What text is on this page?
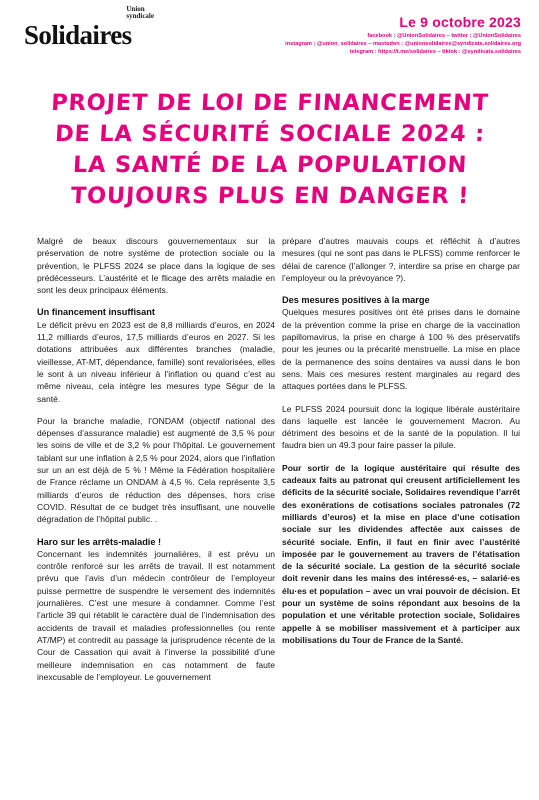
Union
syndicale
Solidaires	Le 9 octobre 2023
facebook : @UnionSolidaires – twitter : @UnionSolidaires
instagram : @union_solidaires – mastodon : @unionsolidaires@syndicats.solidaires.org
telegram : https://t.me/solidaires – tiktok : @syndicats.solidaires
PROJET DE LOI DE FINANCEMENT
DE LA SÉCURITÉ SOCIALE 2024 :
LA SANTÉ DE LA POPULATION
TOUJOURS PLUS EN DANGER !

Malgré de beaux discours gouvernementaux sur la préservation de notre système de protection sociale ou la prévention, le PLFSS 2024 se place dans la logique de ses prédécesseurs. L’austérité et le flicage des arrêts maladie en sont les deux principaux éléments.

Un financement insuffisant

Le déficit prévu en 2023 est de 8,8 milliards d’euros, en 2024 11,2 milliards d’euros, 17,5 milliards d’euros en 2027. Si les dotations attribuées aux différentes branches (maladie, vieillesse, AT-MT, dépendance, famille) sont revalorisées, elles le sont à un niveau inférieur à l’inflation ou quand c’est au même niveau, cela intègre les mesures type Ségur de la santé.

Pour la branche maladie, l’ONDAM (objectif national des dépenses d’assurance maladie) est augmenté de 3,5 % pour les soins de ville et de 3,2 % pour l’hôpital. Le gouvernement tablant sur une inflation à 2,5 % pour 2024, alors que l’inflation sur un an est déjà de 5 % ! Même la Fédération hospitalière de France réclame un ONDAM à 4,5 %. Cela représente 3,5 milliards d’euros de réduction des dépenses, hors crise COVID. Résultat de ce budget très insuffisant, une nouvelle dégradation de l’hôpital public. .

Haro sur les arrêts-maladie !

Concernant les indemnités journalières, il est prévu un contrôle renforcé sur les arrêts de travail. Il est notamment prévu que l’avis d’un médecin contrôleur de l’employeur puisse permettre de suspendre le versement des indemnités journalières. C’est une mesure à condamner. Comme l’est l’article 39 qui rétablit le caractère dual de l’indemnisation des accidents de travail et maladies professionnelles (ou rente AT/MP) et contredit au passage la jurisprudence récente de la Cour de Cassation qui avait à l’inverse la possibilité d’une meilleure indemnisation en cas notamment de faute inexcusable de l’employeur. Le gouvernement

prépare d’autres mauvais coups et réfléchit à d’autres mesures (qui ne sont pas dans le PLFSS) comme renforcer le délai de carence (l’allonger ?, interdire sa prise en charge par l’employeur ou la prévoyance ?).

Des mesures positives à la marge

Quelques mesures positives ont été prises dans le domaine de la prévention comme la prise en charge de la vaccination papillomavirus, la prise en charge à 100 % des préservatifs pour les jeunes ou la précarité menstruelle. La mise en place de la permanence des soins dentaires va aussi dans le bon sens. Mais ces mesures restent marginales au regard des attaques portées dans le PLFSS.

Le PLFSS 2024 poursuit donc la logique libérale austéritaire dans laquelle est lancée le gouvernement Macron. Au détriment des besoins et de la santé de la population. Il lui faudra bien un 49.3 pour faire passer la pilule.

Pour sortir de la logique austéritaire qui résulte des cadeaux faits au patronat qui creusent artificiellement les déficits de la sécurité sociale, Solidaires revendique l’arrêt des exonérations de cotisations sociales patronales (72 milliards d’euros) et la mise en place d’une cotisation sociale sur les dividendes affectée aux caisses de sécurité sociale. Enfin, il faut en finir avec l’austérité imposée par le gouvernement au travers de l’étatisation de la sécurité sociale. La gestion de la sécurité sociale doit revenir dans les mains des intéressé·es, – salarié·es élu·es et population – avec un vrai pouvoir de décision. Et pour un système de soins répondant aux besoins de la population et une véritable protection sociale, Solidaires appelle à se mobiliser massivement et à participer aux mobilisations du Tour de France de la Santé.
